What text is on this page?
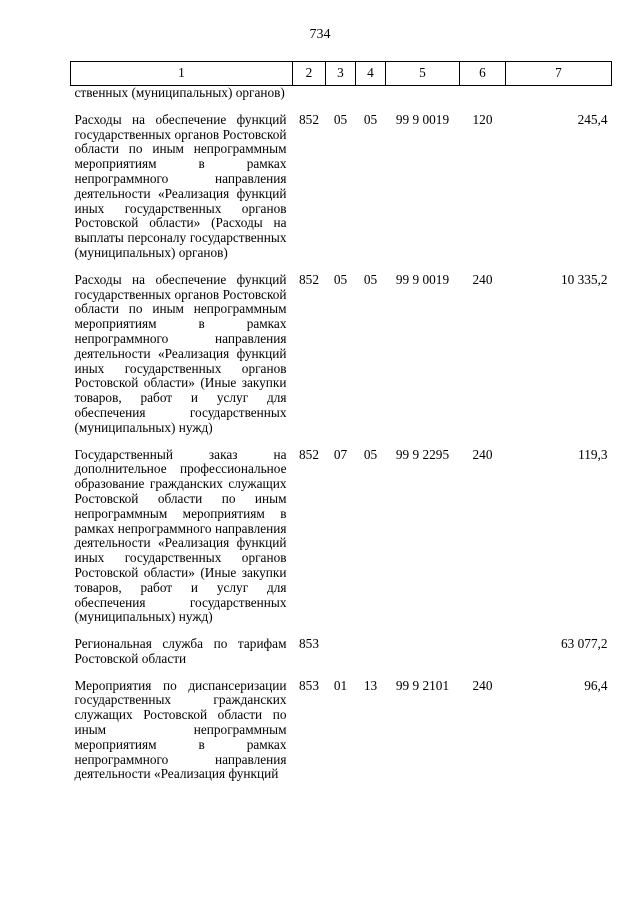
734
1	2	3	4	5	6	7
ственных (муниципальных) органов)						
Расходы на обеспечение функций государственных органов Ростовской области по иным непрограммным мероприятиям в рамках непрограммного направления деятельности «Реализация функций иных государственных органов Ростовской области» (Расходы на выплаты персоналу государственных (муниципальных) органов)	852	05	05	99 9 0019	120	245,4
Расходы на обеспечение функций государственных органов Ростовской области по иным непрограммным мероприятиям в рамках непрограммного направления деятельности «Реализация функций иных государственных органов Ростовской области» (Иные закупки товаров, работ и услуг для обеспечения государственных (муниципальных) нужд)	852	05	05	99 9 0019	240	10 335,2
Государственный заказ на дополнительное профессиональное образование гражданских служащих Ростовской области по иным непрограммным мероприятиям в рамках непрограммного направления деятельности «Реализация функций иных государственных органов Ростовской области» (Иные закупки товаров, работ и услуг для обеспечения государственных (муниципальных) нужд)	852	07	05	99 9 2295	240	119,3
Региональная служба по тарифам Ростовской области	853					63 077,2
Мероприятия по диспансеризации государственных гражданских служащих Ростовской области по иным непрограммным мероприятиям в рамках непрограммного направления деятельности «Реализация функций	853	01	13	99 9 2101	240	96,4
